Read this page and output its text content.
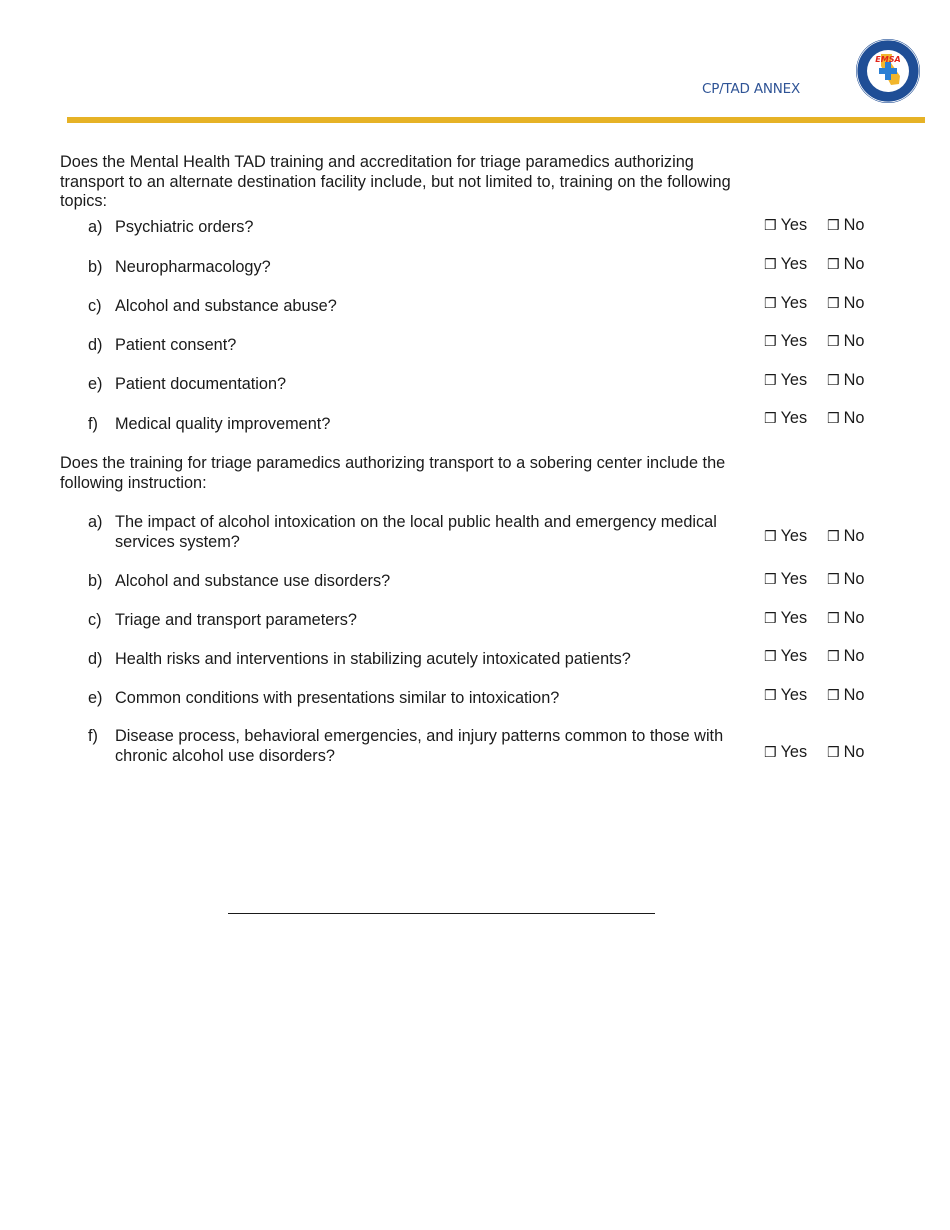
CP/TAD ANNEX
EMSA
Does the Mental Health TAD training and accreditation for triage paramedics authorizing transport to an alternate destination facility include, but not limited to, training on the following topics:
a) Psychiatric orders?	❒ Yes ❒ No
b) Neuropharmacology?	❒ Yes ❒ No
c) Alcohol and substance abuse?	❒ Yes ❒ No
d) Patient consent?	❒ Yes ❒ No
e) Patient documentation?	❒ Yes ❒ No
f) Medical quality improvement?	❒ Yes ❒ No
Does the training for triage paramedics authorizing transport to a sobering center include the following instruction:
a) The impact of alcohol intoxication on the local public health and emergency medical services system?	❒ Yes ❒ No
b) Alcohol and substance use disorders?	❒ Yes ❒ No
c) Triage and transport parameters?	❒ Yes ❒ No
d) Health risks and interventions in stabilizing acutely intoxicated patients?	❒ Yes ❒ No
e) Common conditions with presentations similar to intoxication?	❒ Yes ❒ No
f) Disease process, behavioral emergencies, and injury patterns common to those with chronic alcohol use disorders?	❒ Yes ❒ No
